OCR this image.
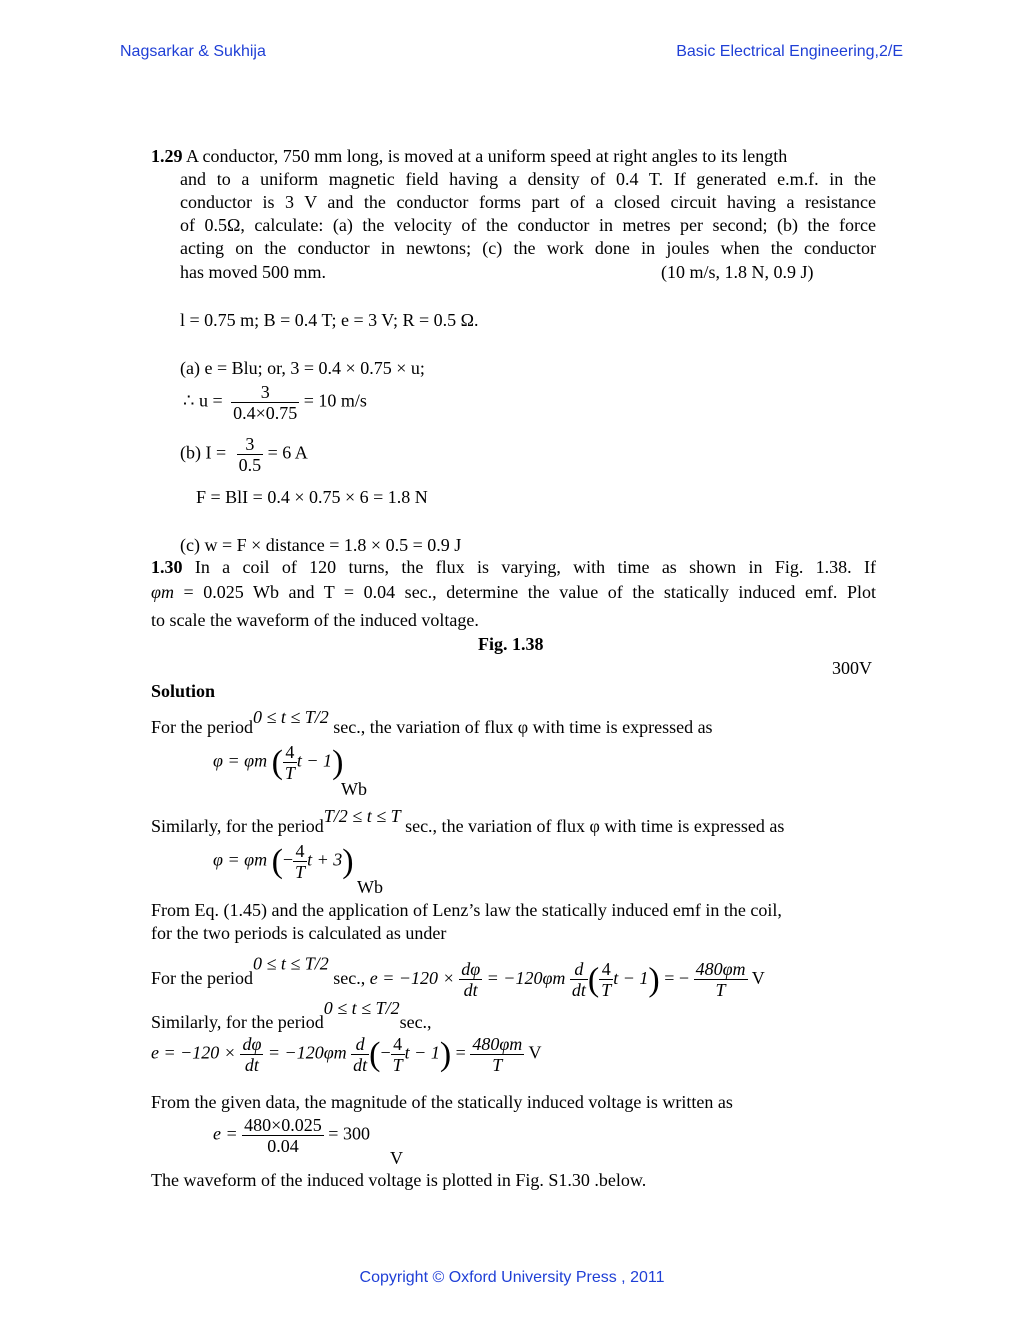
Nagsarkar & Sukhija	Basic Electrical Engineering,2/E
1.29 A conductor, 750 mm long, is moved at a uniform speed at right angles to its length
and to a uniform magnetic field having a density of 0.4 T. If generated e.m.f. in the
conductor is 3 V and the conductor forms part of a closed circuit having a resistance
of 0.5Ω, calculate: (a) the velocity of the conductor in metres per second; (b) the force
acting on the conductor in newtons; (c) the work done in joules when the conductor
has moved 500 mm.	(10 m/s, 1.8 N, 0.9 J)
l = 0.75 m; B = 0.4 T; e = 3 V; R = 0.5 Ω.
(a) e = Blu; or, 3 = 0.4 × 0.75 × u;
∴ $u = \frac{3}{0.4\times 0.75} = 10$ m/s
(b) $I = \frac{3}{0.5} = 6$ A
F = BlI = 0.4 × 0.75 × 6 = 1.8 N
(c) w = F × distance = 1.8 × 0.5 = 0.9 J
1.30 In a coil of 120 turns, the flux is varying, with time as shown in Fig. 1.38. If
φm = 0.025 Wb and T = 0.04 sec., determine the value of the statically induced emf. Plot
to scale the waveform of the induced voltage.
Fig. 1.38
300V
Solution
For the period0 ≤ t ≤ T/2 sec., the variation of flux φ with time is expressed as
φ = φm ( $\frac{4}{T}$ t − 1)
Wb
Similarly, for the periodT/2 ≤ t ≤ T sec., the variation of flux φ with time is expressed as
φ = φm (− $\frac{4}{T}$ t + 3)
Wb
From Eq. (1.45) and the application of Lenz’s law the statically induced emf in the coil,
for the two periods is calculated as under
For the period0 ≤ t ≤ T/2 sec., $e = -120 \times \frac{d\varphi}{dt} = -120\varphi m \frac{d}{dt}$ ( $\frac{4}{T}$ t − 1) = − $\frac{480\varphi m}{T}$ V
Similarly, for the period0 ≤ t ≤ T/2sec.,
$e = -120 \times \frac{d\varphi}{dt} = -120\varphi m \frac{d}{dt}$ (− $\frac{4}{T}$ $t - 1) = \frac{480\varphi m}{T}$ V
From the given data, the magnitude of the statically induced voltage is written as
$e = \frac{480\times 0.025}{0.04} = 300$
V
The waveform of the induced voltage is plotted in Fig. S1.30 .below.
Copyright © Oxford University Press , 2011
